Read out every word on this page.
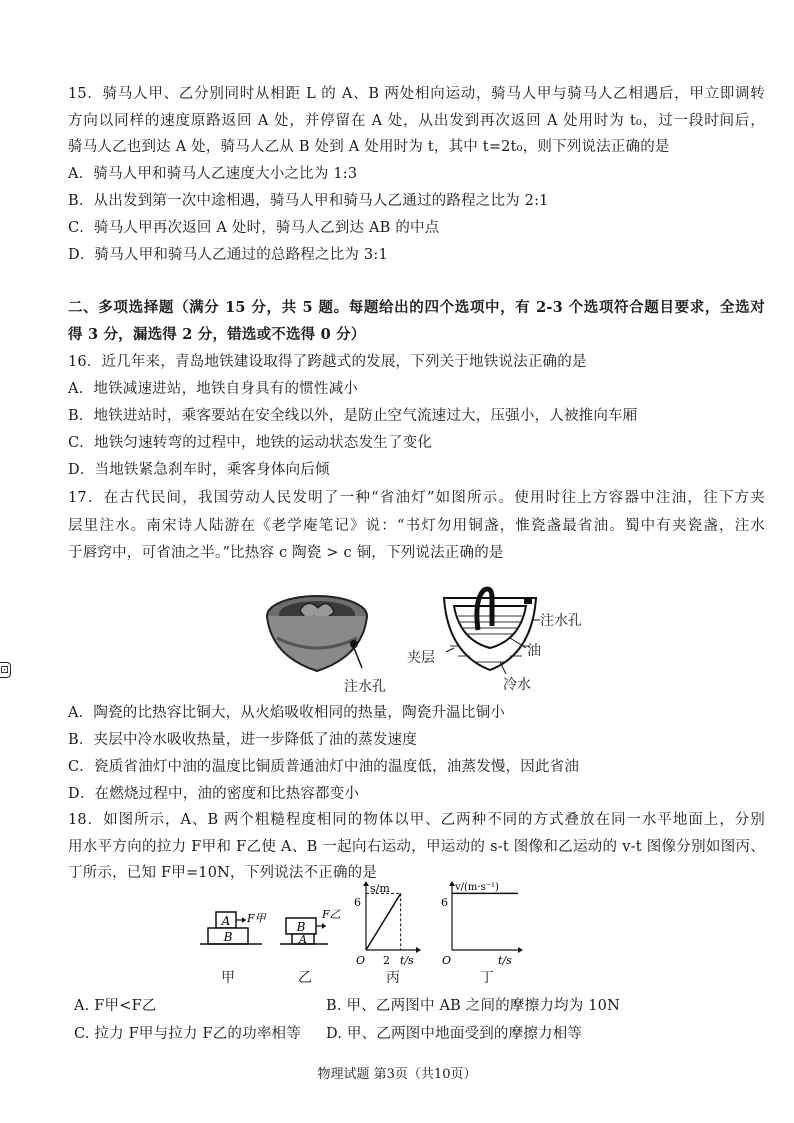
15．骑马人甲、乙分别同时从相距 L 的 A、B 两处相向运动，骑马人甲与骑马人乙相遇后，甲立即调转
方向以同样的速度原路返回 A 处，并停留在 A 处，从出发到再次返回 A 处用时为 t₀，过一段时间后，
骑马人乙也到达 A 处，骑马人乙从 B 处到 A 处用时为 t，其中 t=2t₀，则下列说法正确的是
A．骑马人甲和骑马人乙速度大小之比为 1:3
B．从出发到第一次中途相遇，骑马人甲和骑马人乙通过的路程之比为 2:1
C．骑马人甲再次返回 A 处时，骑马人乙到达 AB 的中点
D．骑马人甲和骑马人乙通过的总路程之比为 3:1
二、多项选择题（满分 15 分，共 5 题。每题给出的四个选项中，有 2-3 个选项符合题目要求，全选对
得 3 分，漏选得 2 分，错选或不选得 0 分）
16．近几年来，青岛地铁建设取得了跨越式的发展，下列关于地铁说法正确的是
A．地铁减速进站，地铁自身具有的惯性减小
B．地铁进站时，乘客要站在安全线以外，是防止空气流速过大，压强小，人被推向车厢
C．地铁匀速转弯的过程中，地铁的运动状态发生了变化
D．当地铁紧急刹车时，乘客身体向后倾
17．在古代民间，我国劳动人民发明了一种“省油灯”如图所示。使用时往上方容器中注油，往下方夹
层里注水。南宋诗人陆游在《老学庵笔记》说：“书灯勿用铜盏，惟瓷盏最省油。蜀中有夹瓷盏，注水
于唇窍中，可省油之半。”比热容 c 陶瓷 > c 铜，下列说法正确的是
注水孔
注水孔
油
夹层
冷水
A．陶瓷的比热容比铜大，从火焰吸收相同的热量，陶瓷升温比铜小
B．夹层中冷水吸收热量，进一步降低了油的蒸发速度
C．瓷质省油灯中油的温度比铜质普通油灯中油的温度低，油蒸发慢，因此省油
D．在燃烧过程中，油的密度和比热容都变小
18．如图所示，A、B 两个粗糙程度相同的物体以甲、乙两种不同的方式叠放在同一水平地面上，分别
用水平方向的拉力 F甲和 F乙使 A、B 一起向右运动，甲运动的 s-t 图像和乙运动的 v-t 图像分别如图丙、
丁所示，已知 F甲=10N，下列说法不正确的是
A
B
F甲
甲
B
A
F乙
乙
s/m
6
O 2 t/s
丙
v/(m·s⁻¹)
6
O	t/s
丁
A. F甲<F乙	B. 甲、乙两图中 AB 之间的摩擦力均为 10N
C. 拉力 F甲与拉力 F乙的功率相等	D. 甲、乙两图中地面受到的摩擦力相等
⊡
物理试题 第3页（共10页）
